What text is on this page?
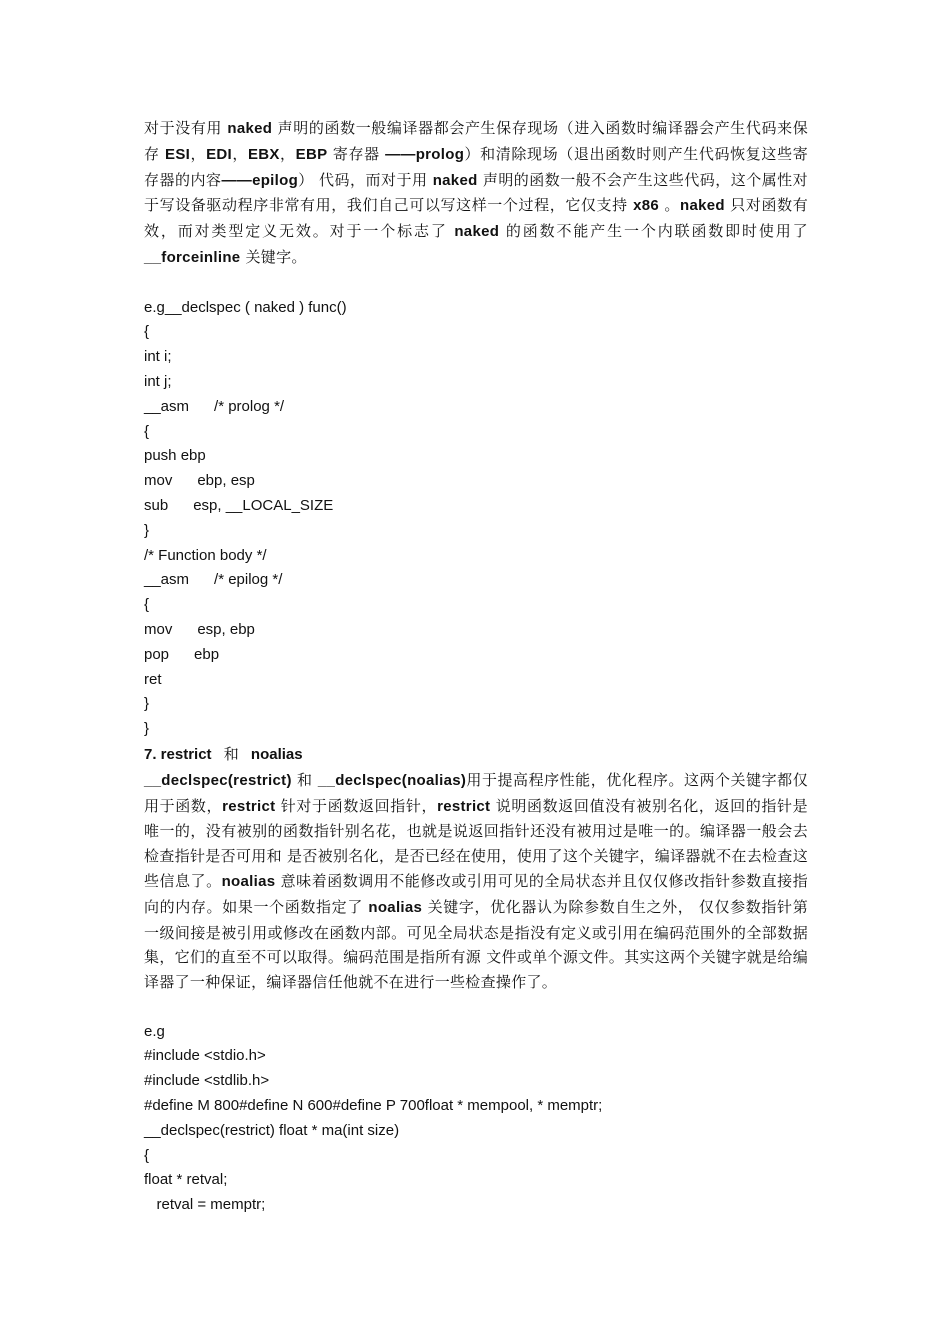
对于没有用 naked 声明的函数一般编译器都会产生保存现场（进入函数时编译器会产生代码来保存 ESI，EDI，EBX，EBP 寄存器 ——prolog）和清除现场（退出函数时则产生代码恢复这些寄存器的内容——epilog） 代码，而对于用 naked 声明的函数一般不会产生这些代码，这个属性对于写设备驱动程序非常有用，我们自己可以写这样一个过程，它仅支持 x86 。naked 只对函数有效，而对类型定义无效。对于一个标志了 naked 的函数不能产生一个内联函数即时使用了__forceinline 关键字。

e.g__declspec ( naked ) func()
{
int i;
int j;
__asm      /* prolog */
{
push ebp
mov      ebp, esp
sub      esp, __LOCAL_SIZE
}
/* Function body */
__asm      /* epilog */
{
mov      esp, ebp
pop      ebp
ret
}
}

7. restrict 和 noalias

__declspec(restrict) 和 __declspec(noalias)用于提高程序性能，优化程序。这两个关键字都仅用于函数，restrict 针对于函数返回指针，restrict 说明函数返回值没有被别名化，返回的指针是唯一的，没有被别的函数指针别名花，也就是说返回指针还没有被用过是唯一的。编译器一般会去检查指针是否可用和 是否被别名化，是否已经在使用，使用了这个关键字，编译器就不在去检查这些信息了。noalias 意味着函数调用不能修改或引用可见的全局状态并且仅仅修改指针参数直接指向的内存。如果一个函数指定了 noalias 关键字，优化器认为除参数自生之外， 仅仅参数指针第一级间接是被引用或修改在函数内部。可见全局状态是指没有定义或引用在编码范围外的全部数据集，它们的直至不可以取得。编码范围是指所有源 文件或单个源文件。其实这两个关键字就是给编译器了一种保证，编译器信任他就不在进行一些检查操作了。

e.g
#include <stdio.h>
#include <stdlib.h>
#define M 800#define N 600#define P 700float * mempool, * memptr;
__declspec(restrict) float * ma(int size)
{
float * retval;
retval = memptr;
